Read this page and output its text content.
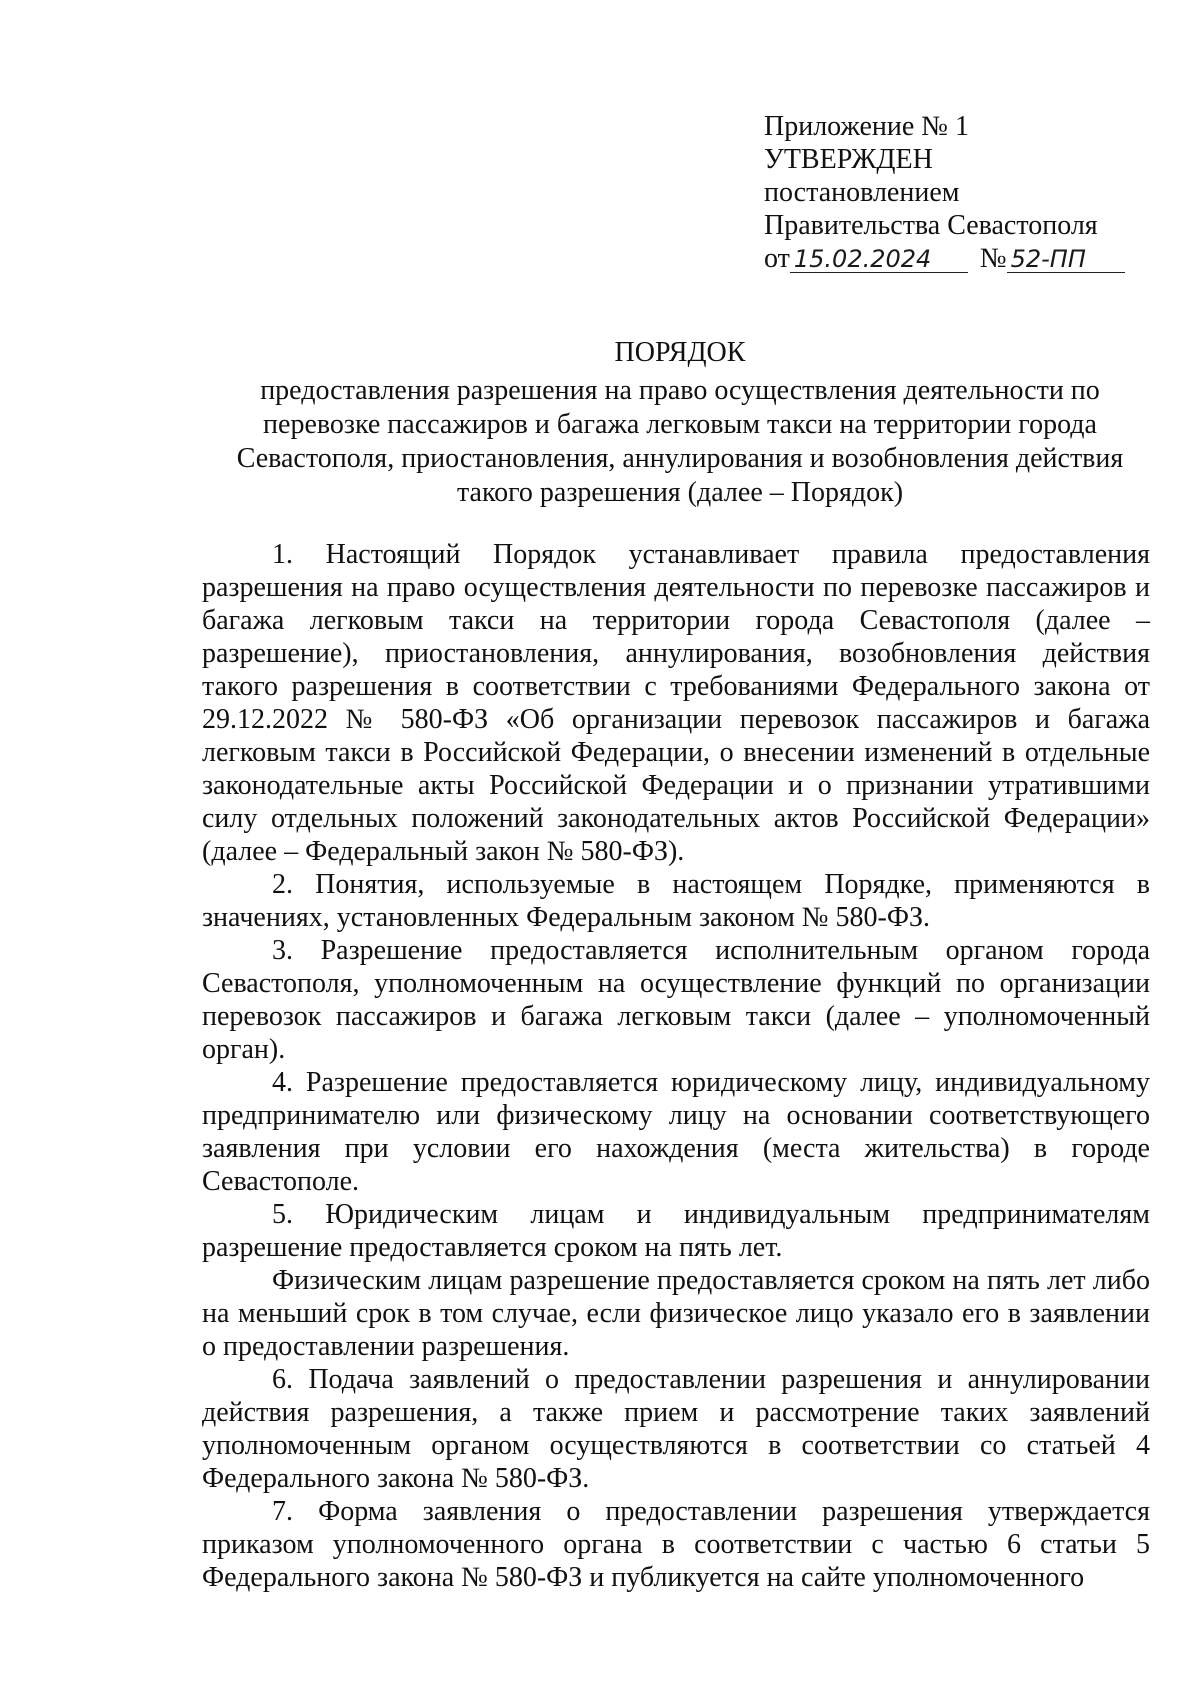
Приложение № 1
УТВЕРЖДЕН
постановлением
Правительства Севастополя
от 15.02.2024 № 52-ПП
ПОРЯДОК
предоставления разрешения на право осуществления деятельности по перевозке пассажиров и багажа легковым такси на территории города Севастополя, приостановления, аннулирования и возобновления действия такого разрешения (далее – Порядок)

1. Настоящий Порядок устанавливает правила предоставления разрешения на право осуществления деятельности по перевозке пассажиров и багажа легковым такси на территории города Севастополя (далее – разрешение), приостановления, аннулирования, возобновления действия такого разрешения в соответствии с требованиями Федерального закона от 29.12.2022 № 580-ФЗ «Об организации перевозок пассажиров и багажа легковым такси в Российской Федерации, о внесении изменений в отдельные законодательные акты Российской Федерации и о признании утратившими силу отдельных положений законодательных актов Российской Федерации» (далее – Федеральный закон № 580-ФЗ).

2. Понятия, используемые в настоящем Порядке, применяются в значениях, установленных Федеральным законом № 580-ФЗ.

3. Разрешение предоставляется исполнительным органом города Севастополя, уполномоченным на осуществление функций по организации перевозок пассажиров и багажа легковым такси (далее – уполномоченный орган).

4. Разрешение предоставляется юридическому лицу, индивидуальному предпринимателю или физическому лицу на основании соответствующего заявления при условии его нахождения (места жительства) в городе Севастополе.

5. Юридическим лицам и индивидуальным предпринимателям разрешение предоставляется сроком на пять лет.

Физическим лицам разрешение предоставляется сроком на пять лет либо на меньший срок в том случае, если физическое лицо указало его в заявлении о предоставлении разрешения.

6. Подача заявлений о предоставлении разрешения и аннулировании действия разрешения, а также прием и рассмотрение таких заявлений уполномоченным органом осуществляются в соответствии со статьей 4 Федерального закона № 580-ФЗ.

7. Форма заявления о предоставлении разрешения утверждается приказом уполномоченного органа в соответствии с частью 6 статьи 5 Федерального закона № 580-ФЗ и публикуется на сайте уполномоченного
